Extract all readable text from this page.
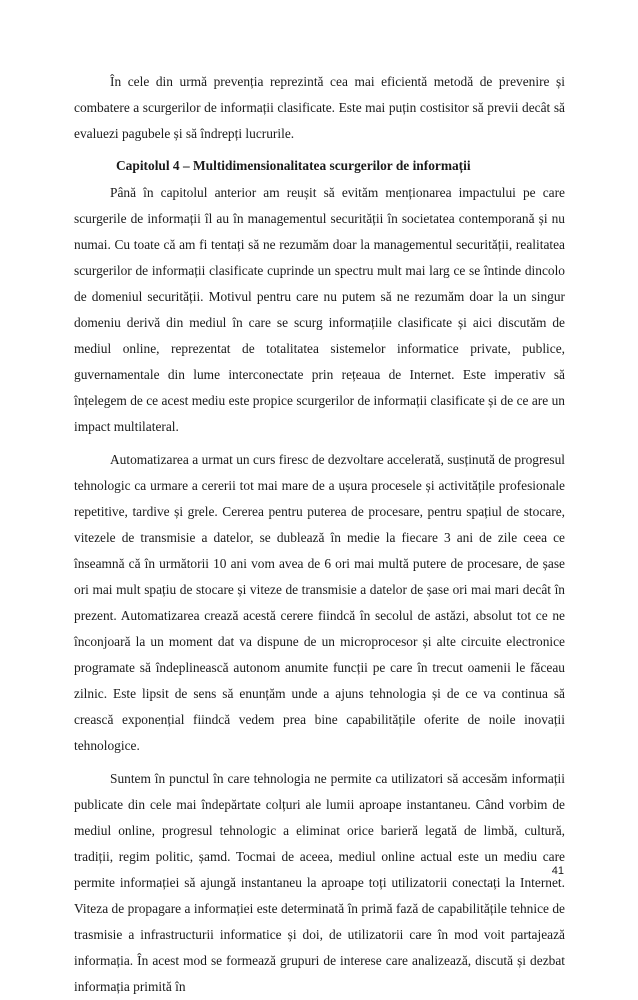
În cele din urmă prevenția reprezintă cea mai eficientă metodă de prevenire și combatere a scurgerilor de informații clasificate. Este mai puțin costisitor să previi decât să evaluezi pagubele și să îndrepți lucrurile.

Capitolul 4 – Multidimensionalitatea scurgerilor de informații

Până în capitolul anterior am reușit să evităm menționarea impactului pe care scurgerile de informații îl au în managementul securității în societatea contemporană și nu numai. Cu toate că am fi tentați să ne rezumăm doar la managementul securității, realitatea scurgerilor de informații clasificate cuprinde un spectru mult mai larg ce se întinde dincolo de domeniul securității. Motivul pentru care nu putem să ne rezumăm doar la un singur domeniu derivă din mediul în care se scurg informațiile clasificate și aici discutăm de mediul online, reprezentat de totalitatea sistemelor informatice private, publice, guvernamentale din lume interconectate prin rețeaua de Internet. Este imperativ să înțelegem de ce acest mediu este propice scurgerilor de informații clasificate și de ce are un impact multilateral.

Automatizarea a urmat un curs firesc de dezvoltare accelerată, susținută de progresul tehnologic ca urmare a cererii tot mai mare de a ușura procesele și activitățile profesionale repetitive, tardive și grele. Cererea pentru puterea de procesare, pentru spațiul de stocare, vitezele de transmisie a datelor, se dublează în medie la fiecare 3 ani de zile ceea ce înseamnă că în următorii 10 ani vom avea de 6 ori mai multă putere de procesare, de șase ori mai mult spațiu de stocare și viteze de transmisie a datelor de șase ori mai mari decât în prezent. Automatizarea crează acestă cerere fiindcă în secolul de astăzi, absolut tot ce ne înconjoară la un moment dat va dispune de un microprocesor și alte circuite electronice programate să îndeplinească autonom anumite funcții pe care în trecut oamenii le făceau zilnic. Este lipsit de sens să enunțăm unde a ajuns tehnologia și de ce va continua să crească exponențial fiindcă vedem prea bine capabilitățile oferite de noile inovații tehnologice.

Suntem în punctul în care tehnologia ne permite ca utilizatori să accesăm informații publicate din cele mai îndepărtate colțuri ale lumii aproape instantaneu. Când vorbim de mediul online, progresul tehnologic a eliminat orice barieră legată de limbă, cultură, tradiții, regim politic, șamd. Tocmai de aceea, mediul online actual este un mediu care permite informației să ajungă instantaneu la aproape toți utilizatorii conectați la Internet. Viteza de propagare a informației este determinată în primă fază de capabilitățile tehnice de trasmisie a infrastructurii informatice și doi, de utilizatorii care în mod voit partajează informația. În acest mod se formează grupuri de interese care analizează, discută și dezbat informația primită în

41
